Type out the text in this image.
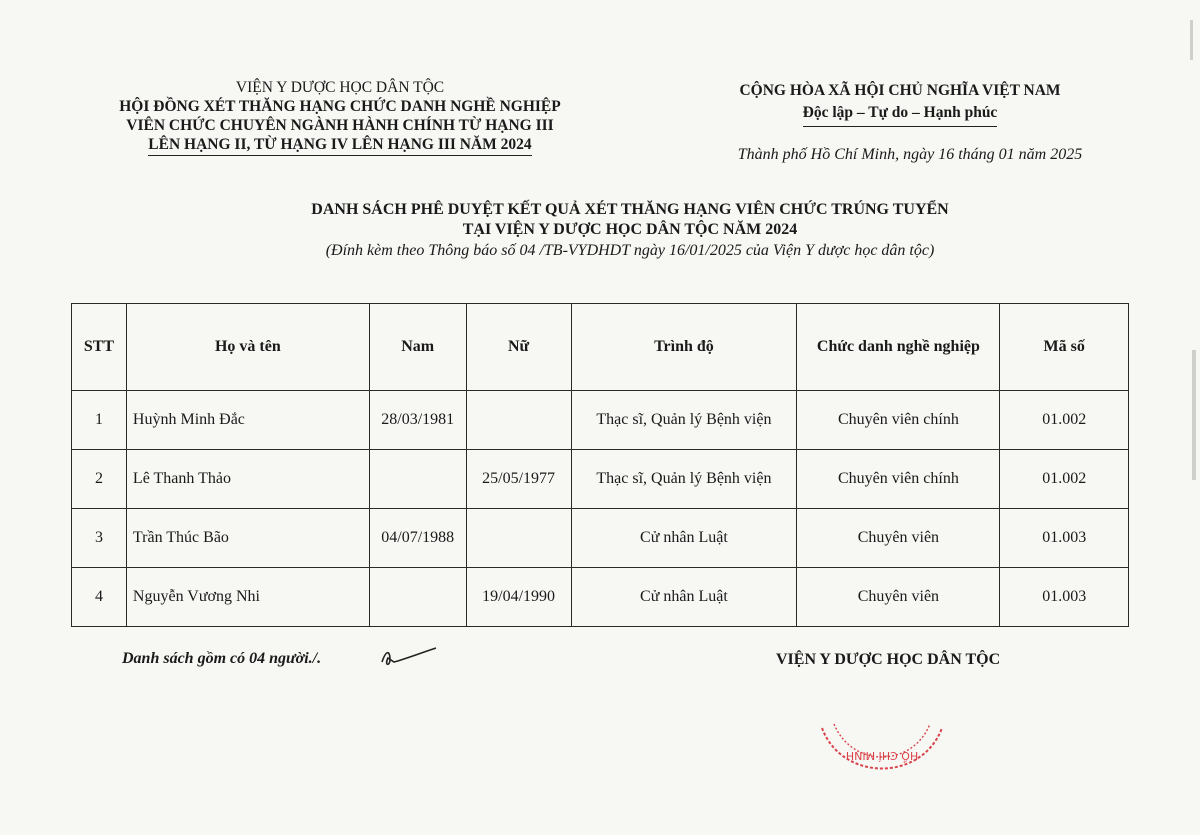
VIỆN Y DƯỢC HỌC DÂN TỘC
HỘI ĐỒNG XÉT THĂNG HẠNG CHỨC DANH NGHỀ NGHIỆP
VIÊN CHỨC CHUYÊN NGÀNH HÀNH CHÍNH TỪ HẠNG III
LÊN HẠNG II, TỪ HẠNG IV LÊN HẠNG III NĂM 2024
CỘNG HÒA XÃ HỘI CHỦ NGHĨA VIỆT NAM
Độc lập – Tự do – Hạnh phúc
Thành phố Hồ Chí Minh, ngày 16 tháng 01 năm 2025
DANH SÁCH PHÊ DUYỆT KẾT QUẢ XÉT THĂNG HẠNG VIÊN CHỨC TRÚNG TUYỂN
TẠI VIỆN Y DƯỢC HỌC DÂN TỘC NĂM 2024
(Đính kèm theo Thông báo số 04 /TB-VYDHDT ngày 16/01/2025 của Viện Y dược học dân tộc)
STT	Họ và tên	Nam	Nữ	Trình độ	Chức danh nghề nghiệp	Mã số
1	Huỳnh Minh Đắc	28/03/1981		Thạc sĩ, Quản lý Bệnh viện	Chuyên viên chính	01.002
2	Lê Thanh Thảo		25/05/1977	Thạc sĩ, Quản lý Bệnh viện	Chuyên viên chính	01.002
3	Trần Thúc Bão	04/07/1988		Cử nhân Luật	Chuyên viên	01.003
4	Nguyễn Vương Nhi		19/04/1990	Cử nhân Luật	Chuyên viên	01.003
Danh sách gồm có 04 người./.	VIỆN Y DƯỢC HỌC DÂN TỘC
HỒ CHÍ MINH
